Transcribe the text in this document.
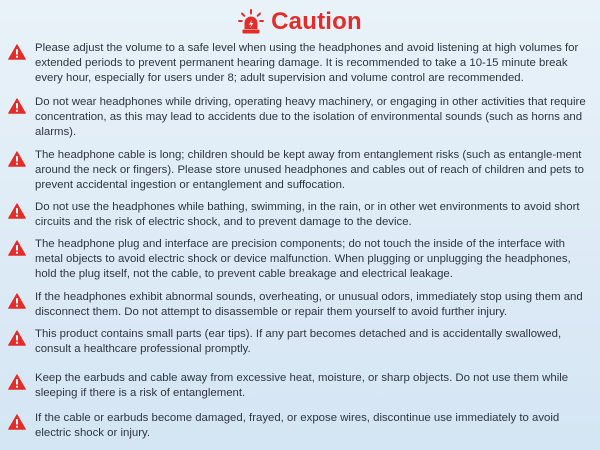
Caution

Please adjust the volume to a safe level when using the headphones and avoid listening at high volumes for extended periods to prevent permanent hearing damage. It is recommended to take a 10-15 minute break every hour, especially for users under 8; adult supervision and volume control are recommended.

Do not wear headphones while driving, operating heavy machinery, or engaging in other activities that require concentration, as this may lead to accidents due to the isolation of environmental sounds (such as horns and alarms).

The headphone cable is long; children should be kept away from entanglement risks (such as entangle-ment around the neck or fingers). Please store unused headphones and cables out of reach of children and pets to prevent accidental ingestion or entanglement and suffocation.

Do not use the headphones while bathing, swimming, in the rain, or in other wet environments to avoid short circuits and the risk of electric shock, and to prevent damage to the device.

The headphone plug and interface are precision components; do not touch the inside of the interface with metal objects to avoid electric shock or device malfunction. When plugging or unplugging the headphones, hold the plug itself, not the cable, to prevent cable breakage and electrical leakage.

If the headphones exhibit abnormal sounds, overheating, or unusual odors, immediately stop using them and disconnect them. Do not attempt to disassemble or repair them yourself to avoid further injury.

This product contains small parts (ear tips). If any part becomes detached and is accidentally swallowed, consult a healthcare professional promptly.

Keep the earbuds and cable away from excessive heat, moisture, or sharp objects. Do not use them while sleeping if there is a risk of entanglement.

If the cable or earbuds become damaged, frayed, or expose wires, discontinue use immediately to avoid electric shock or injury.
